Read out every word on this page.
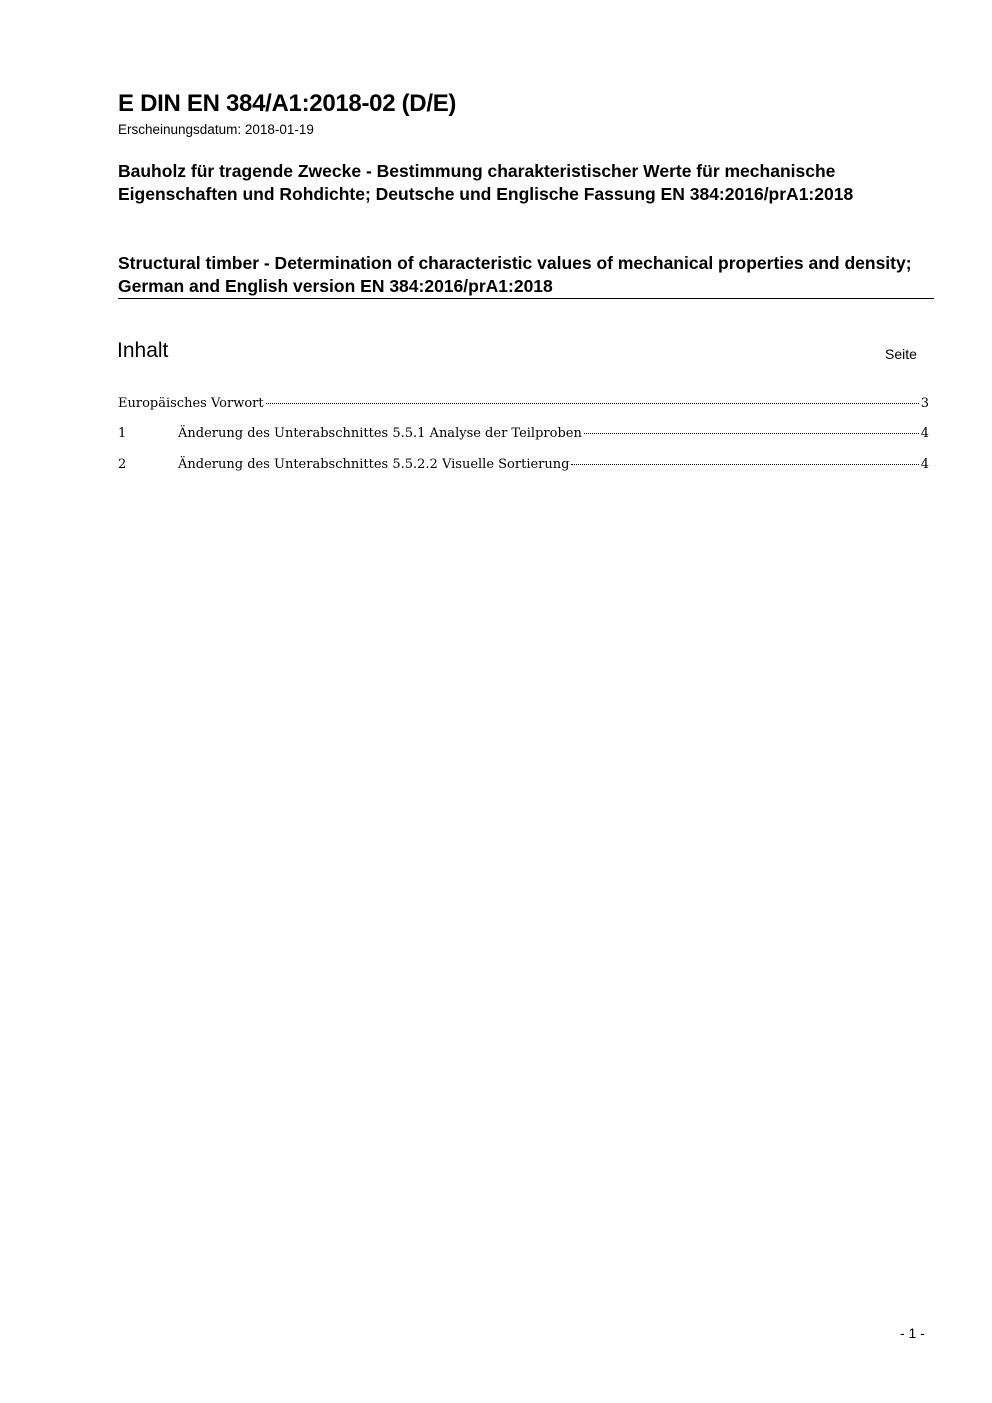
E DIN EN 384/A1:2018-02 (D/E)
Erscheinungsdatum: 2018-01-19
Bauholz für tragende Zwecke - Bestimmung charakteristischer Werte für mechanische Eigenschaften und Rohdichte; Deutsche und Englische Fassung EN 384:2016/prA1:2018
Structural timber - Determination of characteristic values of mechanical properties and density; German and English version EN 384:2016/prA1:2018
Inhalt	Seite
Europäisches Vorwort	3
1	Änderung des Unterabschnittes 5.5.1 Analyse der Teilproben	4
2	Änderung des Unterabschnittes 5.5.2.2 Visuelle Sortierung	4
- 1 -
